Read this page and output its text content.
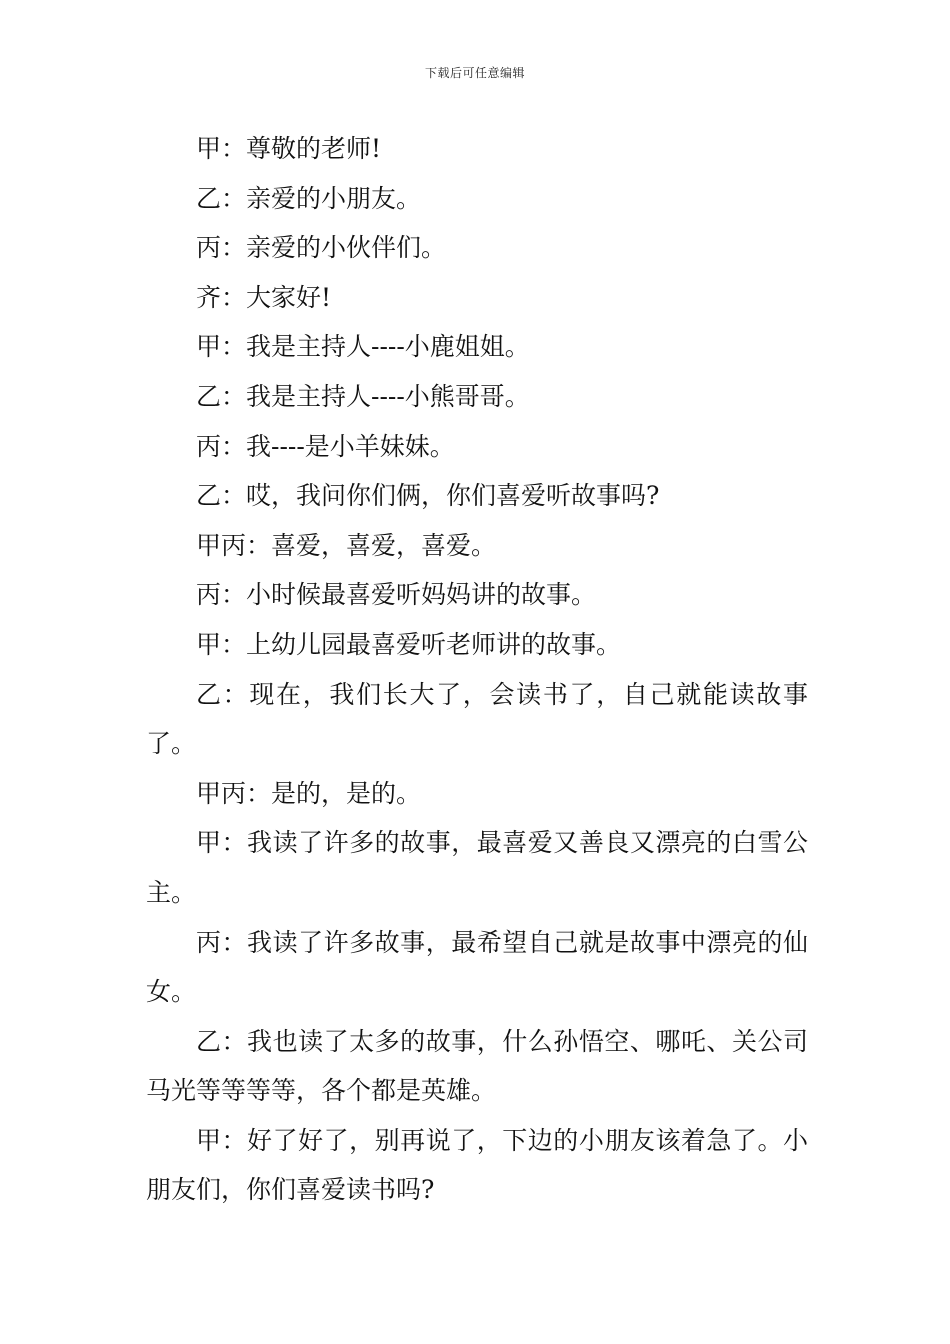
下载后可任意编辑

甲：尊敬的老师!

乙：亲爱的小朋友。

丙：亲爱的小伙伴们。

齐：大家好!

甲：我是主持人----小鹿姐姐。

乙：我是主持人----小熊哥哥。

丙：我----是小羊妹妹。

乙：哎，我问你们俩，你们喜爱听故事吗?

甲丙：喜爱，喜爱，喜爱。

丙：小时候最喜爱听妈妈讲的故事。

甲：上幼儿园最喜爱听老师讲的故事。

乙：现在，我们长大了，会读书了，自己就能读故事了。

甲丙：是的，是的。

甲：我读了许多的故事，最喜爱又善良又漂亮的白雪公主。

丙：我读了许多故事，最希望自己就是故事中漂亮的仙女。

乙：我也读了太多的故事，什么孙悟空、哪吒、关公司马光等等等等，各个都是英雄。

甲：好了好了，别再说了，下边的小朋友该着急了。小朋友们，你们喜爱读书吗?
